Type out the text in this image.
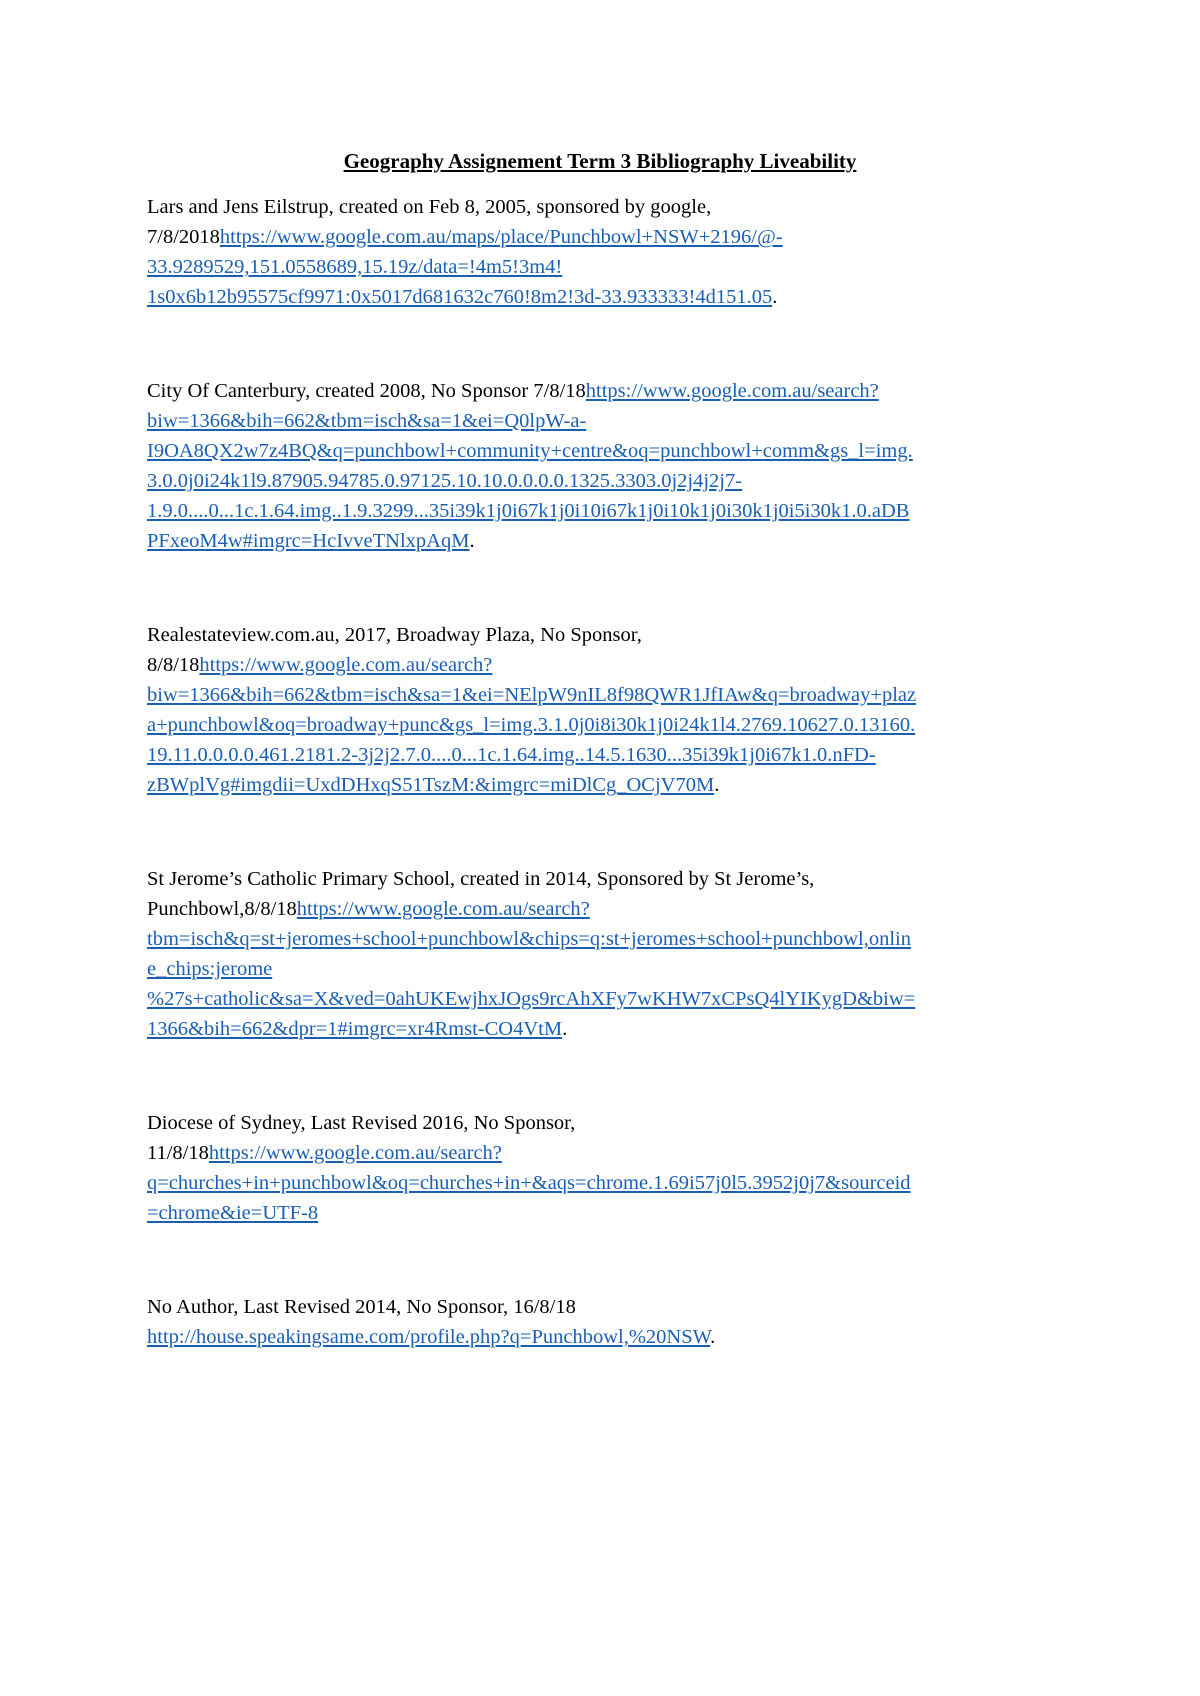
Geography Assignement Term 3 Bibliography Liveability
Lars and Jens Eilstrup, created on Feb 8, 2005, sponsored by google,
7/8/2018https://www.google.com.au/maps/place/Punchbowl+NSW+2196/@-
33.9289529,151.0558689,15.19z/data=!4m5!3m4!
1s0x6b12b95575cf9971:0x5017d681632c760!8m2!3d-33.933333!4d151.05.
City Of Canterbury, created 2008, No Sponsor 7/8/18https://www.google.com.au/search?
biw=1366&bih=662&tbm=isch&sa=1&ei=Q0lpW-a-
I9OA8QX2w7z4BQ&q=punchbowl+community+centre&oq=punchbowl+comm&gs_l=img.
3.0.0j0i24k1l9.87905.94785.0.97125.10.10.0.0.0.0.1325.3303.0j2j4j2j7-
1.9.0....0...1c.1.64.img..1.9.3299...35i39k1j0i67k1j0i10i67k1j0i10k1j0i30k1j0i5i30k1.0.aDB
PFxeoM4w#imgrc=HcIvveTNlxpAqM.
Realestateview.com.au, 2017, Broadway Plaza, No Sponsor,
8/8/18https://www.google.com.au/search?
biw=1366&bih=662&tbm=isch&sa=1&ei=NElpW9nIL8f98QWR1JfIAw&q=broadway+plaz
a+punchbowl&oq=broadway+punc&gs_l=img.3.1.0j0i8i30k1j0i24k1l4.2769.10627.0.13160.
19.11.0.0.0.0.461.2181.2-3j2j2.7.0....0...1c.1.64.img..14.5.1630...35i39k1j0i67k1.0.nFD-
zBWplVg#imgdii=UxdDHxqS51TszM:&imgrc=miDlCg_OCjV70M.
St Jerome’s Catholic Primary School, created in 2014, Sponsored by St Jerome’s,
Punchbowl,8/8/18https://www.google.com.au/search?
tbm=isch&q=st+jeromes+school+punchbowl&chips=q:st+jeromes+school+punchbowl,onlin
e_chips:jerome
%27s+catholic&sa=X&ved=0ahUKEwjhxJOgs9rcAhXFy7wKHW7xCPsQ4lYIKygD&biw=
1366&bih=662&dpr=1#imgrc=xr4Rmst-CO4VtM.
Diocese of Sydney, Last Revised 2016, No Sponsor,
11/8/18https://www.google.com.au/search?
q=churches+in+punchbowl&oq=churches+in+&aqs=chrome.1.69i57j0l5.3952j0j7&sourceid
=chrome&ie=UTF-8
No Author, Last Revised 2014, No Sponsor, 16/8/18
http://house.speakingsame.com/profile.php?q=Punchbowl,%20NSW.
